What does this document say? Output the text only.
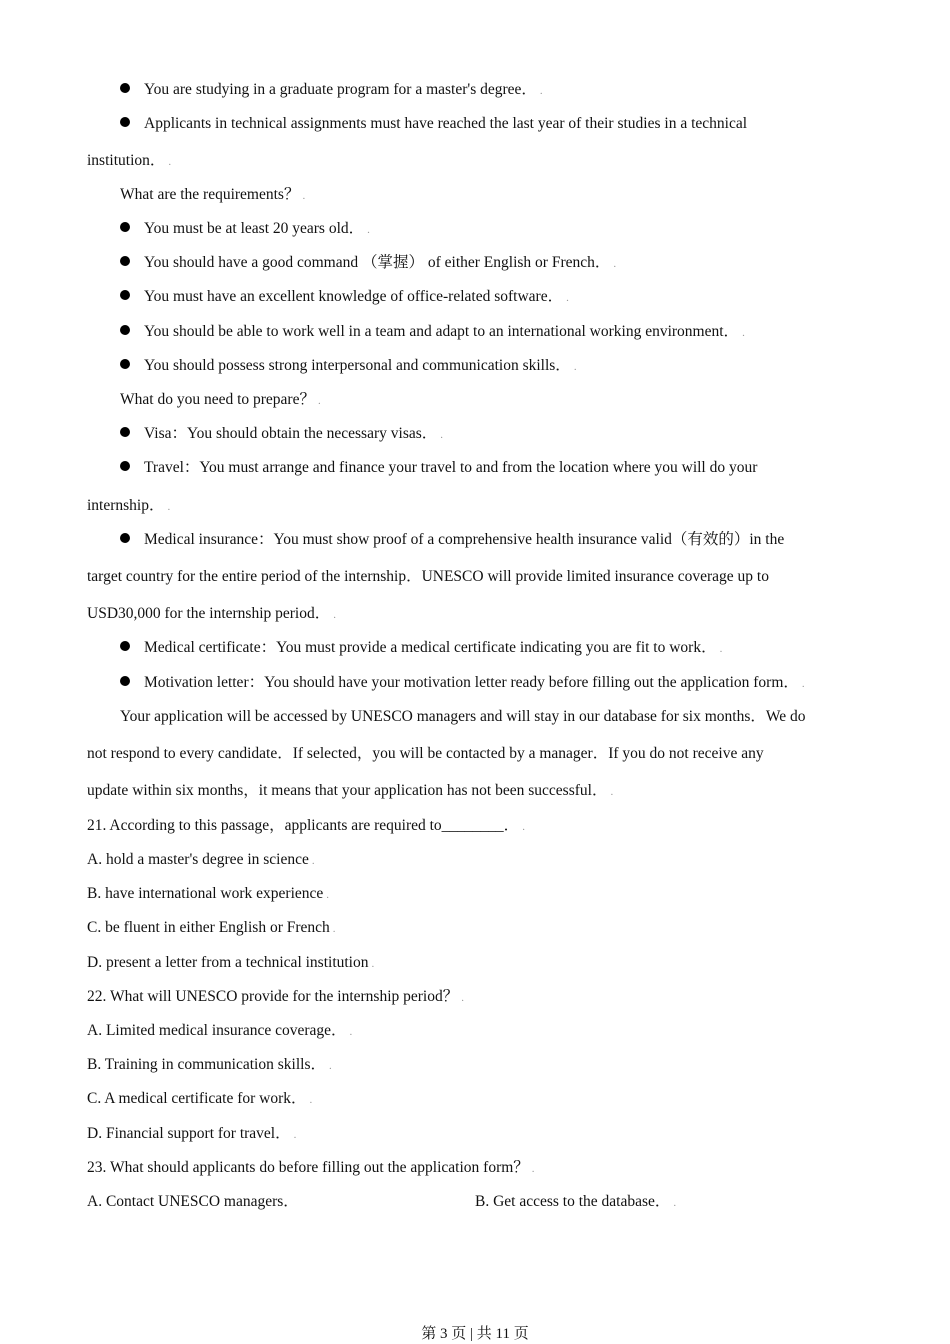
You are studying in a graduate program for a master's degree． .
Applicants in technical assignments must have reached the last year of their studies in a technical
institution． .
What are the requirements？ .
You must be at least 20 years old． .
You should have a good command （掌握） of either English or French． .
You must have an excellent knowledge of office-related software． .
You should be able to work well in a team and adapt to an international working environment． .
You should possess strong interpersonal and communication skills． .
What do you need to prepare？ .
Visa：You should obtain the necessary visas． .
Travel：You must arrange and finance your travel to and from the location where you will do your
internship． .
Medical insurance：You must show proof of a comprehensive health insurance valid（有效的）in the
target country for the entire period of the internship．UNESCO will provide limited insurance coverage up to
USD30,000 for the internship period． .
Medical certificate：You must provide a medical certificate indicating you are fit to work． .
Motivation letter：You should have your motivation letter ready before filling out the application form． .
Your application will be accessed by UNESCO managers and will stay in our database for six months．We do
not respond to every candidate．If selected，you will be contacted by a manager．If you do not receive any
update within six months，it means that your application has not been successful． .
21. According to this passage，applicants are required to________． .
A. hold a master's degree in science .
B. have international work experience .
C. be fluent in either English or French .
D. present a letter from a technical institution .
22. What will UNESCO provide for the internship period？ .
A. Limited medical insurance coverage． .
B. Training in communication skills． .
C. A medical certificate for work． .
D. Financial support for travel． .
23. What should applicants do before filling out the application form？ .
A. Contact UNESCO managers．	B. Get access to the database． .
第 3 页 | 共 11 页
